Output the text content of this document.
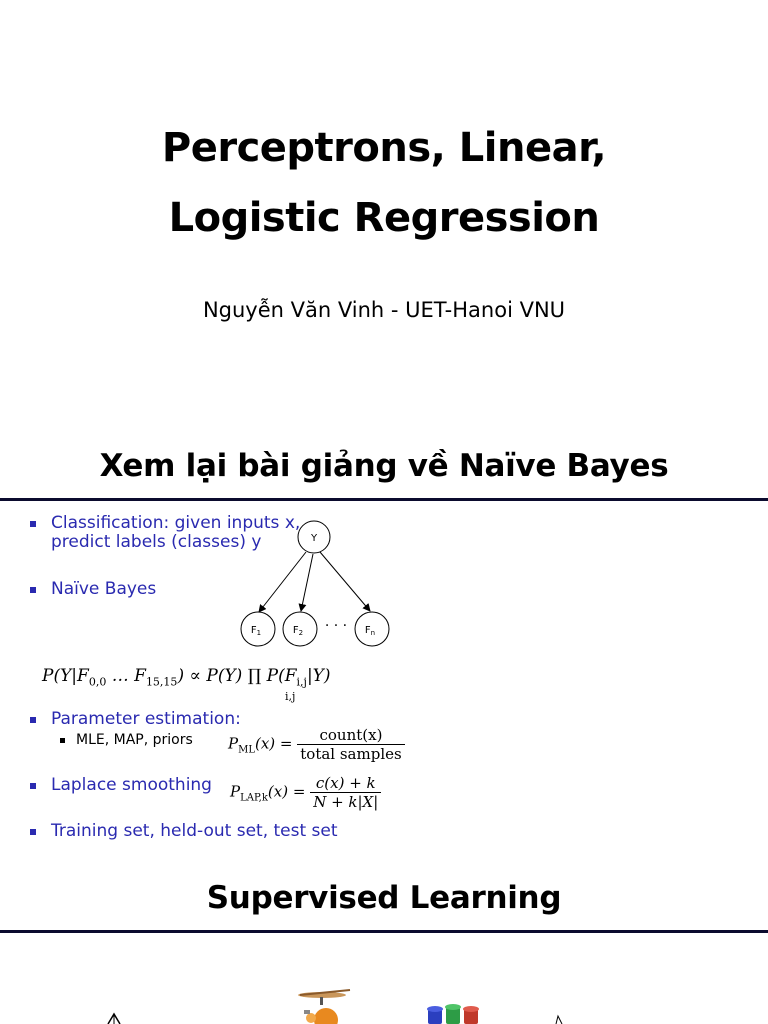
Perceptrons, Linear,
Logistic Regression
Nguyễn Văn Vinh - UET-Hanoi VNU
Xem lại bài giảng về Naïve Bayes
Classification: given inputs x,
predict labels (classes) y
Naïve Bayes
Y
$F_1$	$F_2$ · · · $F_n$
$P(Y|F_{0,0}$ … $F_{15,15}) \propto P(Y)$ ∏ $P(F_{i,j}|Y)$
i,j
Parameter estimation:
MLE, MAP, priors $P_{ML}(x) = \frac{\text{count(x)}}{\text{total samples}}$
Laplace smoothing $P_{LAP,k}(x) = \frac{c(x) + k}{N + k|X|}$
Training set, held-out set, test set
Supervised Learning
